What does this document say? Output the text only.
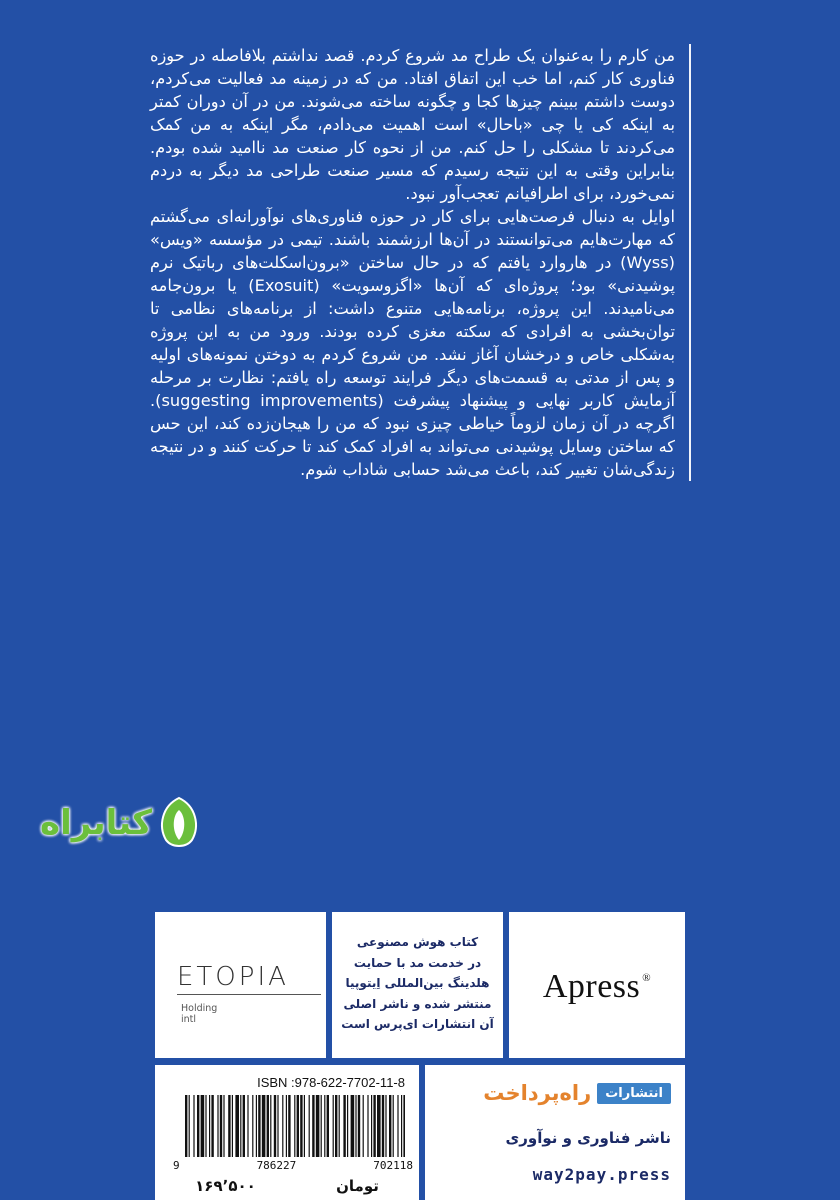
من کارم را به‌عنوان یک طراح مد شروع کردم. قصد نداشتم بلافاصله در حوزه فناوری کار کنم، اما خب این اتفاق افتاد. من که در زمینه مد فعالیت می‌کردم، دوست داشتم ببینم چیزها کجا و چگونه ساخته می‌شوند. من در آن دوران کمتر به اینکه کی یا چی «باحال» است اهمیت می‌دادم، مگر اینکه به من کمک می‌کردند تا مشکلی را حل کنم. من از نحوه کار صنعت مد ناامید شده بودم. بنابراین وقتی به این نتیجه رسیدم که مسیر صنعت طراحی مد دیگر به دردم نمی‌خورد، برای اطرافیانم تعجب‌آور نبود.

اوایل به دنبال فرصت‌هایی برای کار در حوزه فناوری‌های نوآورانه‌ای می‌گشتم که مهارت‌هایم می‌توانستند در آن‌ها ارزشمند باشند. تیمی در مؤسسه «ویس» (Wyss) در هاروارد یافتم که در حال ساختن «برون‌اسکلت‌های رباتیک نرم پوشیدنی» بود؛ پروژه‌ای که آن‌ها «اگزوسویت» (Exosuit) یا برون‌جامه می‌نامیدند. این پروژه، برنامه‌هایی متنوع داشت: از برنامه‌های نظامی تا توان‌بخشی به افرادی که سکته مغزی کرده بودند. ورود من به این پروژه به‌شکلی خاص و درخشان آغاز نشد. من شروع کردم به دوختن نمونه‌های اولیه و پس از مدتی به قسمت‌های دیگر فرایند توسعه راه یافتم: نظارت بر مرحله آزمایش کاربر نهایی و پیشنهاد پیشرفت (suggesting improvements). اگرچه در آن زمان لزوماً خیاطی چیزی نبود که من را هیجان‌زده کند، این حس که ساختن وسایل پوشیدنی می‌تواند به افراد کمک کند تا حرکت کنند و در نتیجه زندگی‌شان تغییر کند، باعث می‌شد حسابی شاداب شوم.

Apress ®
کتاب هوش مصنوعی
در خدمت مد با حمایت
هلدینگ بین‌المللی اِیتوپیا
منتشر شده و ناشر اصلی
آن انتشارات ای‌پرس است
ETOPIA
Holding
intl
انتشارات
راه‌پرداخت
ناشر فناوری و نوآوری
way2pay.press
ISBN :978-622-7702-11-8
9	786227	702118
تومان
۱۶۹٬۵۰۰
کتابراه
